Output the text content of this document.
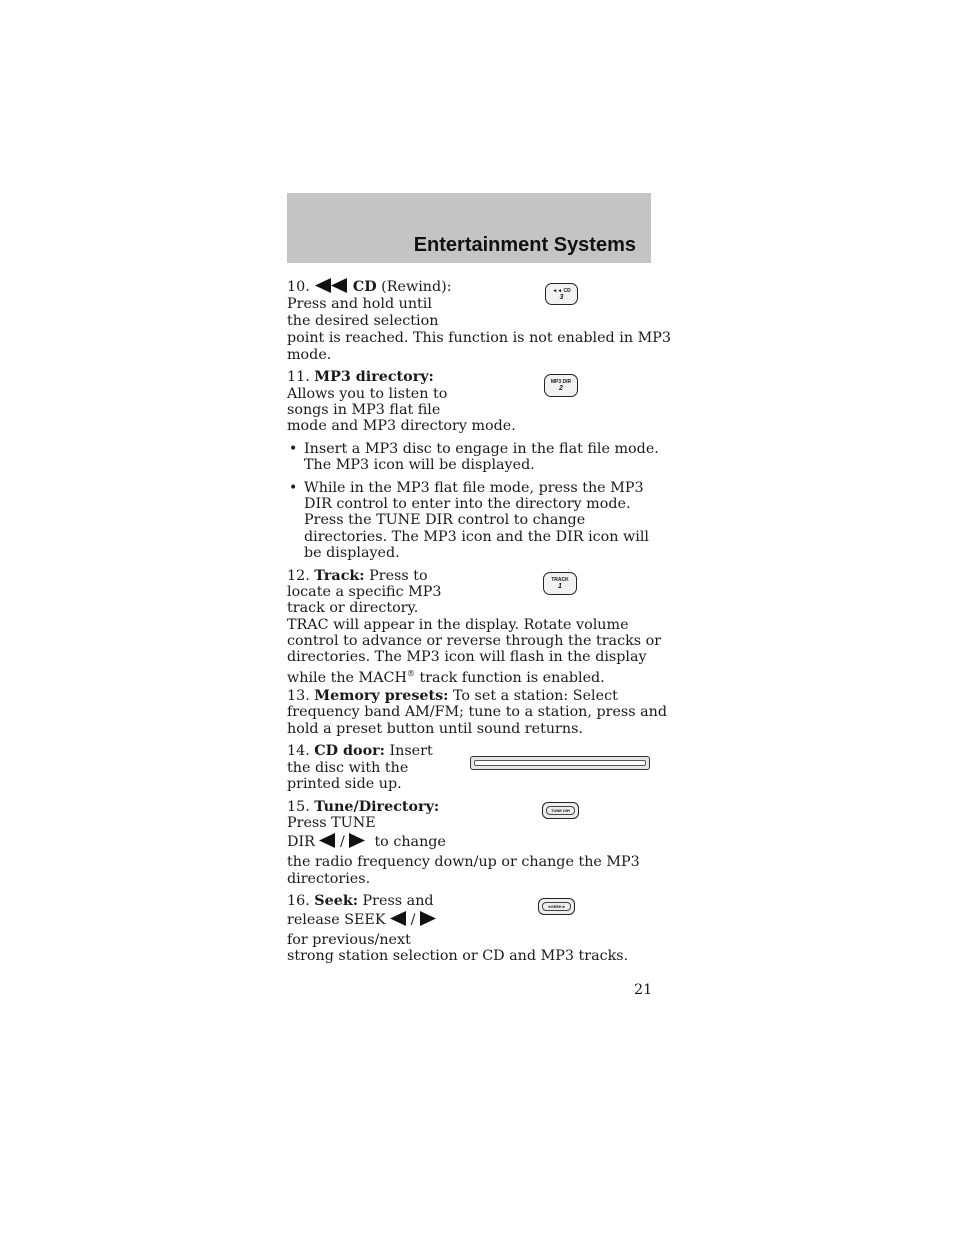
Entertainment Systems
10.	CD (Rewind):
Press and hold until
the desired selection
point is reached. This function is not enabled in MP3
mode.
◄◄ CD
3
11. MP3 directory:
Allows you to listen to
songs in MP3 flat file
mode and MP3 directory mode.
MP3 DIR
2
• Insert a MP3 disc to engage in the flat file mode.
The MP3 icon will be displayed.
• While in the MP3 flat file mode, press the MP3
DIR control to enter into the directory mode.
Press the TUNE DIR control to change
directories. The MP3 icon and the DIR icon will
be displayed.
12. Track: Press to
locate a specific MP3
track or directory.
TRAC will appear in the display. Rotate volume
control to advance or reverse through the tracks or
directories. The MP3 icon will flash in the display
while the MACH® track function is enabled.
TRACK
1
13. Memory presets: To set a station: Select
frequency band AM/FM; tune to a station, press and
hold a preset button until sound returns.
14. CD door: Insert
the disc with the
printed side up.
15. Tune/Directory:
Press TUNE
DIR / to change
the radio frequency down/up or change the MP3
directories.
TUNE DIR
16. Seek: Press and
release SEEK /
for previous/next
strong station selection or CD and MP3 tracks.
◄SEEK►
21
